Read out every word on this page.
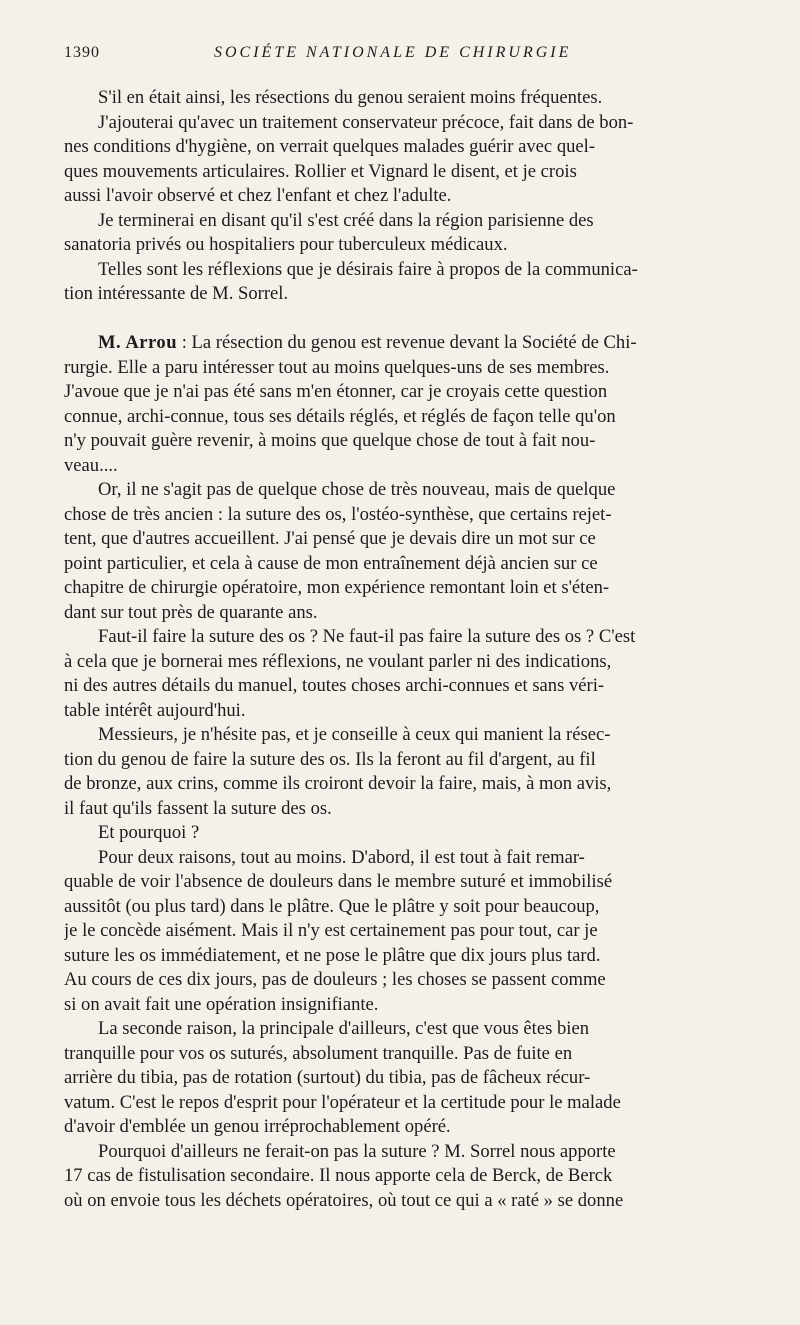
1390	SOCIÉTE NATIONALE DE CHIRURGIE
S'il en était ainsi, les résections du genou seraient moins fréquentes.
J'ajouterai qu'avec un traitement conservateur précoce, fait dans de bon-
nes conditions d'hygiène, on verrait quelques malades guérir avec quel-
ques mouvements articulaires. Rollier et Vignard le disent, et je crois
aussi l'avoir observé et chez l'enfant et chez l'adulte.
Je terminerai en disant qu'il s'est créé dans la région parisienne des
sanatoria privés ou hospitaliers pour tuberculeux médicaux.
Telles sont les réflexions que je désirais faire à propos de la communica-
tion intéressante de M. Sorrel.
M. Arrou : La résection du genou est revenue devant la Société de Chi-
rurgie. Elle a paru intéresser tout au moins quelques-uns de ses membres.
J'avoue que je n'ai pas été sans m'en étonner, car je croyais cette question
connue, archi-connue, tous ses détails réglés, et réglés de façon telle qu'on
n'y pouvait guère revenir, à moins que quelque chose de tout à fait nou-
veau....
Or, il ne s'agit pas de quelque chose de très nouveau, mais de quelque
chose de très ancien : la suture des os, l'ostéo-synthèse, que certains rejet-
tent, que d'autres accueillent. J'ai pensé que je devais dire un mot sur ce
point particulier, et cela à cause de mon entraînement déjà ancien sur ce
chapitre de chirurgie opératoire, mon expérience remontant loin et s'éten-
dant sur tout près de quarante ans.
Faut-il faire la suture des os ? Ne faut-il pas faire la suture des os ? C'est
à cela que je bornerai mes réflexions, ne voulant parler ni des indications,
ni des autres détails du manuel, toutes choses archi-connues et sans véri-
table intérêt aujourd'hui.
Messieurs, je n'hésite pas, et je conseille à ceux qui manient la résec-
tion du genou de faire la suture des os. Ils la feront au fil d'argent, au fil
de bronze, aux crins, comme ils croiront devoir la faire, mais, à mon avis,
il faut qu'ils fassent la suture des os.
Et pourquoi ?
Pour deux raisons, tout au moins. D'abord, il est tout à fait remar-
quable de voir l'absence de douleurs dans le membre suturé et immobilisé
aussitôt (ou plus tard) dans le plâtre. Que le plâtre y soit pour beaucoup,
je le concède aisément. Mais il n'y est certainement pas pour tout, car je
suture les os immédiatement, et ne pose le plâtre que dix jours plus tard.
Au cours de ces dix jours, pas de douleurs ; les choses se passent comme
si on avait fait une opération insignifiante.
La seconde raison, la principale d'ailleurs, c'est que vous êtes bien
tranquille pour vos os suturés, absolument tranquille. Pas de fuite en
arrière du tibia, pas de rotation (surtout) du tibia, pas de fâcheux récur-
vatum. C'est le repos d'esprit pour l'opérateur et la certitude pour le malade
d'avoir d'emblée un genou irréprochablement opéré.
Pourquoi d'ailleurs ne ferait-on pas la suture ? M. Sorrel nous apporte
17 cas de fistulisation secondaire. Il nous apporte cela de Berck, de Berck
où on envoie tous les déchets opératoires, où tout ce qui a « raté » se donne
